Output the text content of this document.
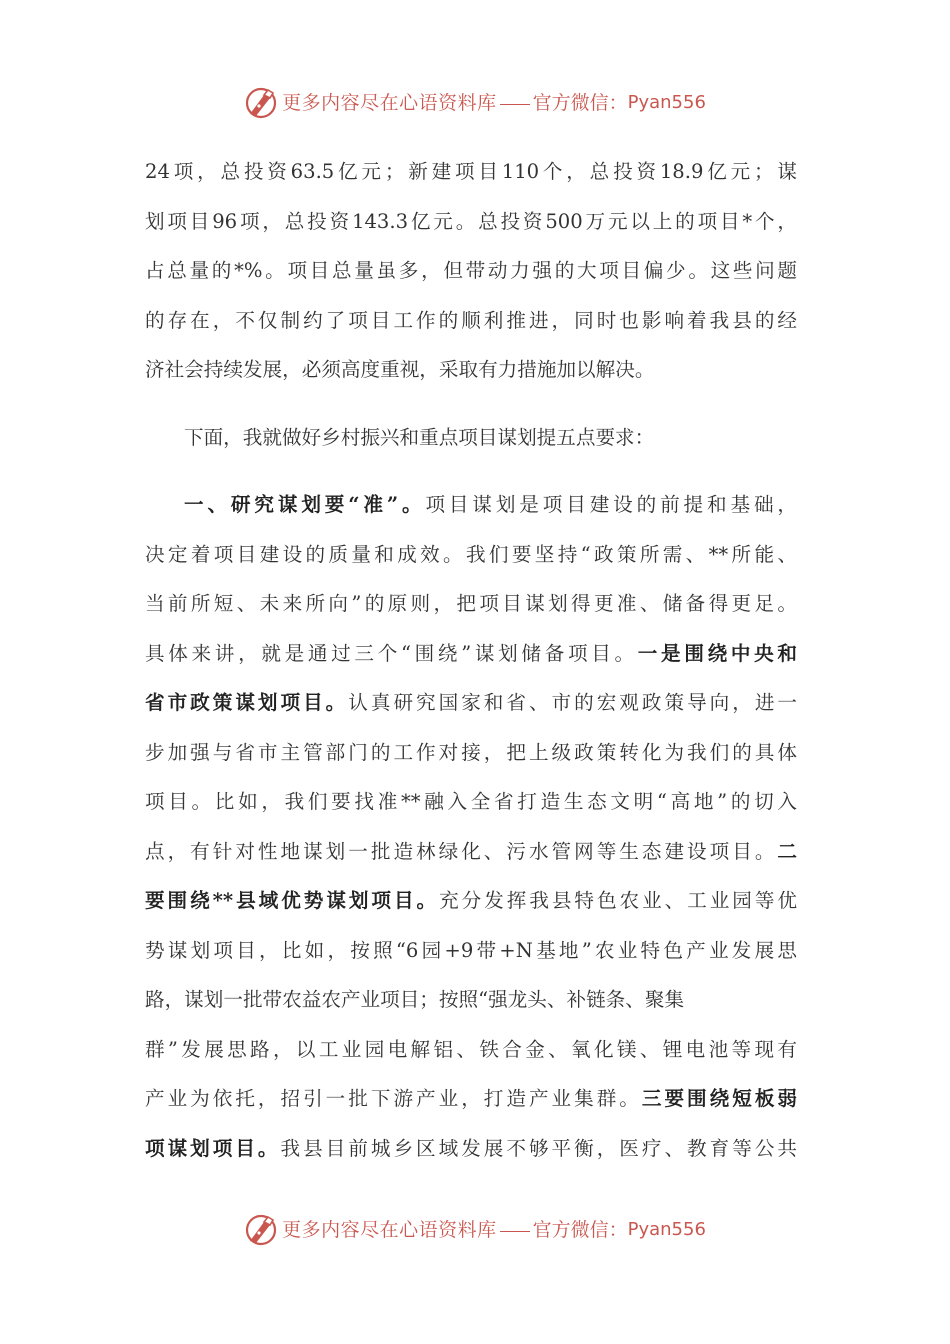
更多内容尽在心语资料库 官方微信： Pyan556
24项，总投资63.5亿元；新建项目110个，总投资18.9亿元；谋
划项目96项，总投资143.3亿元。总投资500万元以上的项目*个，
占总量的*%。项目总量虽多，但带动力强的大项目偏少。这些问题
的存在，不仅制约了项目工作的顺利推进，同时也影响着我县的经
济社会持续发展，必须高度重视，采取有力措施加以解决。
下面，我就做好乡村振兴和重点项目谋划提五点要求：
一、研究谋划要“准”。项目谋划是项目建设的前提和基础，
决定着项目建设的质量和成效。我们要坚持“政策所需、**所能、
当前所短、未来所向”的原则，把项目谋划得更准、储备得更足。
具体来讲，就是通过三个“围绕”谋划储备项目。一是围绕中央和
省市政策谋划项目。认真研究国家和省、市的宏观政策导向，进一
步加强与省市主管部门的工作对接，把上级政策转化为我们的具体
项目。比如，我们要找准**融入全省打造生态文明“高地”的切入
点，有针对性地谋划一批造林绿化、污水管网等生态建设项目。二
要围绕**县域优势谋划项目。充分发挥我县特色农业、工业园等优
势谋划项目，比如，按照“6园+9带+N基地”农业特色产业发展思
路，谋划一批带农益农产业项目；按照“强龙头、补链条、聚集
群”发展思路，以工业园电解铝、铁合金、氧化镁、锂电池等现有
产业为依托，招引一批下游产业，打造产业集群。三要围绕短板弱
项谋划项目。我县目前城乡区域发展不够平衡，医疗、教育等公共
更多内容尽在心语资料库 官方微信： Pyan556
